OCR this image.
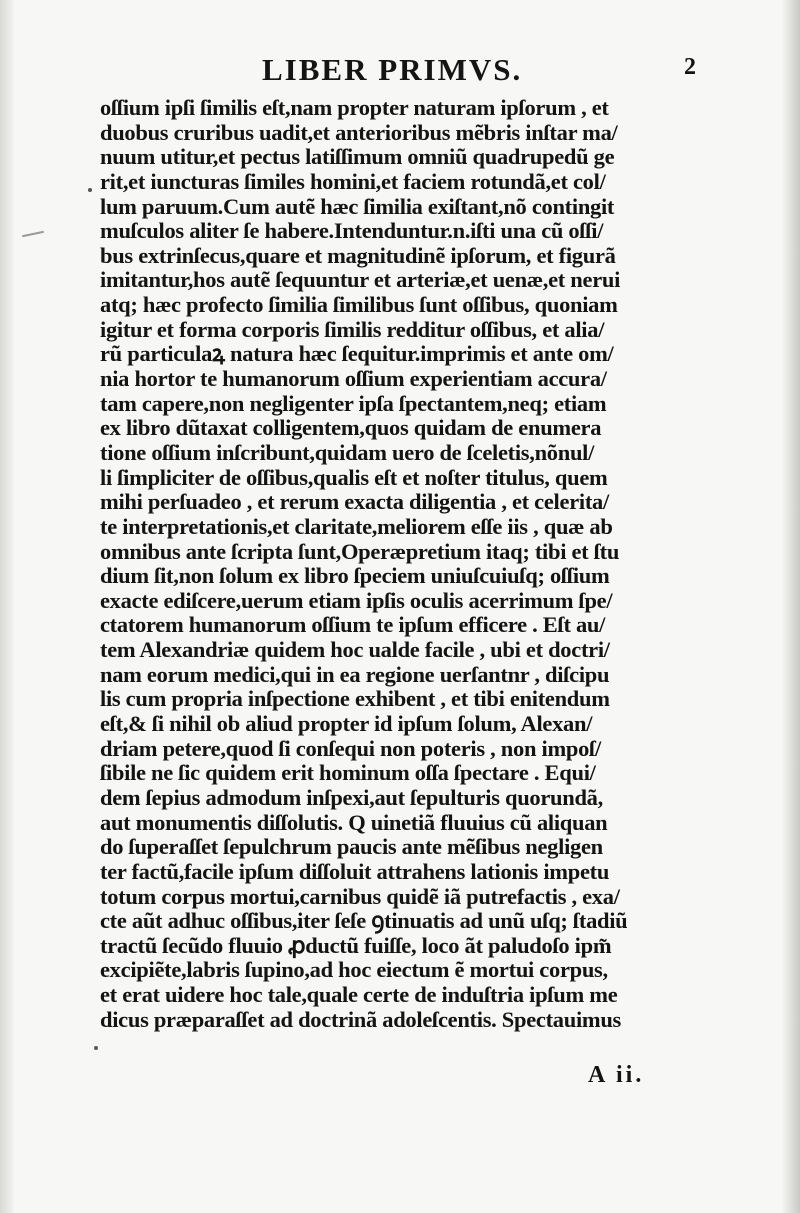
LIBER PRIMVS.	2
oſſium ipſi ſimilis eſt,nam propter naturam ipſorum , et
duobus cruribus uadit,et anterioribus mẽbris inſtar ma/
nuum utitur,et pectus latiſſimum omniũ quadrupedũ ge
rit,et iuncturas ſimiles homini,et faciem rotundã,et col/
lum paruum.Cum autẽ hæc ſimilia exiſtant,nõ contingit
muſculos aliter ſe habere.Intenduntur.n.iſti una cũ oſſi/
bus extrinſecus,quare et magnitudinẽ ipſorum, et figurã
imitantur,hos autẽ ſequuntur et arteriæ,et uenæ,et nerui
atq; hæc profecto ſimilia ſimilibus ſunt oſſibus, quoniam
igitur et forma corporis ſimilis redditur oſſibus, et alia/
rũ particulaꝝ natura hæc ſequitur.imprimis et ante om/
nia hortor te humanorum oſſium experientiam accura/
tam capere,non negligenter ipſa ſpectantem,neq; etiam
ex libro dũtaxat colligentem,quos quidam de enumera
tione oſſium inſcribunt,quidam uero de ſceletis,nõnul/
li ſimpliciter de oſſibus,qualis eſt et noſter titulus, quem
mihi perſuadeo , et rerum exacta diligentia , et celerita/
te interpretationis,et claritate,meliorem eſſe iis , quæ ab
omnibus ante ſcripta ſunt,Operæpretium itaq; tibi et ſtu
dium ſit,non ſolum ex libro ſpeciem uniuſcuiuſq; oſſium
exacte ediſcere,uerum etiam ipſis oculis acerrimum ſpe/
ctatorem humanorum oſſium te ipſum efficere . Eſt au/
tem Alexandriæ quidem hoc ualde facile , ubi et doctri/
nam eorum medici,qui in ea regione uerſantnr , diſcipu
lis cum propria inſpectione exhibent , et tibi enitendum
eſt,& ſi nihil ob aliud propter id ipſum ſolum, Alexan/
driam petere,quod ſi conſequi non poteris , non impoſ/
ſibile ne ſic quidem erit hominum oſſa ſpectare . Equi/
dem ſepius admodum inſpexi,aut ſepulturis quorundã,
aut monumentis diſſolutis. Q uinetiã fluuius cũ aliquan
do ſuperaſſet ſepulchrum paucis ante mẽſibus negligen
ter factũ,facile ipſum diſſoluit attrahens lationis impetu
totum corpus mortui,carnibus quidẽ iã putrefactis , exa/
cte aũt adhuc oſſibus,iter ſeſe ꝯtinuatis ad unũ uſq; ſtadiũ
tractũ ſecũdo fluuio ꝓductũ fuiſſe, loco ãt paludoſo ipm̃
excipiẽte,labris ſupino,ad hoc eiectum ẽ mortui corpus,
et erat uidere hoc tale,quale certe de induſtria ipſum me
dicus præparaſſet ad doctrinã adoleſcentis. Spectauimus

A ii.
